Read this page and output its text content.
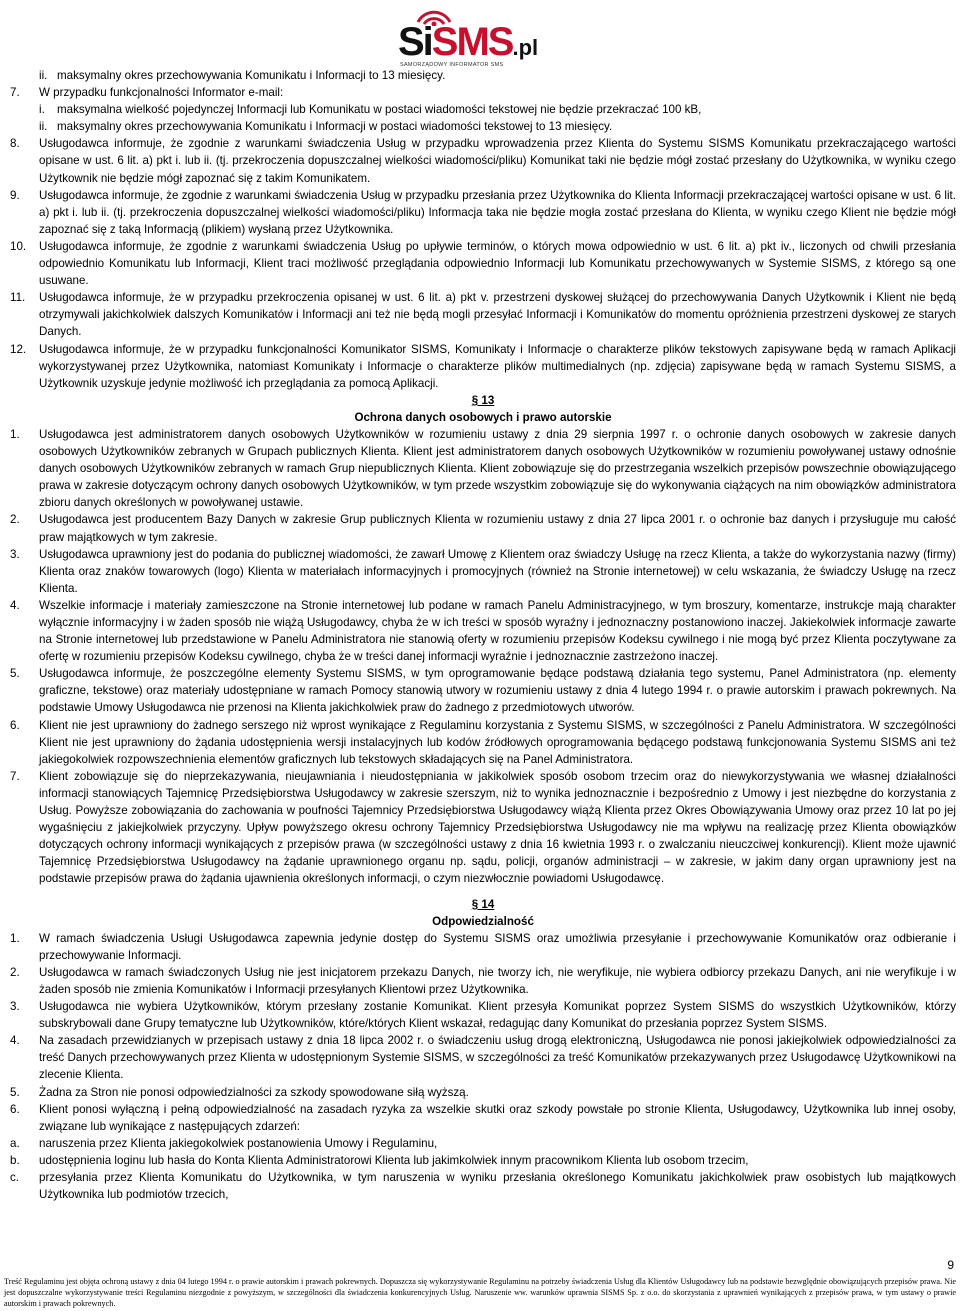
SiSMS.pl
SAMORZĄDOWY INFORMATOR SMS
ii. maksymalny okres przechowywania Komunikatu i Informacji to 13 miesięcy.
7.	W przypadku funkcjonalności Informator e-mail:
i.	maksymalna wielkość pojedynczej Informacji lub Komunikatu w postaci wiadomości tekstowej nie będzie przekraczać 100 kB,
ii. maksymalny okres przechowywania Komunikatu i Informacji w postaci wiadomości tekstowej to 13 miesięcy.
8.	Usługodawca informuje, że zgodnie z warunkami świadczenia Usług w przypadku wprowadzenia przez Klienta do Systemu SISMS Komunikatu przekraczającego wartości opisane w ust. 6 lit. a) pkt i. lub ii. (tj. przekroczenia dopuszczalnej wielkości wiadomości/pliku) Komunikat taki nie będzie mógł zostać przesłany do Użytkownika, w wyniku czego Użytkownik nie będzie mógł zapoznać się z takim Komunikatem.
9.	Usługodawca informuje, że zgodnie z warunkami świadczenia Usług w przypadku przesłania przez Użytkownika do Klienta Informacji przekraczającej wartości opisane w ust. 6 lit. a) pkt i. lub ii. (tj. przekroczenia dopuszczalnej wielkości wiadomości/pliku) Informacja taka nie będzie mogła zostać przesłana do Klienta, w wyniku czego Klient nie będzie mógł zapoznać się z taką Informacją (plikiem) wysłaną przez Użytkownika.
10.	Usługodawca informuje, że zgodnie z warunkami świadczenia Usług po upływie terminów, o których mowa odpowiednio w ust. 6 lit. a) pkt iv., liczonych od chwili przesłania odpowiednio Komunikatu lub Informacji, Klient traci możliwość przeglądania odpowiednio Informacji lub Komunikatu przechowywanych w Systemie SISMS, z którego są one usuwane.
11.	Usługodawca informuje, że w przypadku przekroczenia opisanej w ust. 6 lit. a) pkt v. przestrzeni dyskowej służącej do przechowywania Danych Użytkownik i Klient nie będą otrzymywali jakichkolwiek dalszych Komunikatów i Informacji ani też nie będą mogli przesyłać Informacji i Komunikatów do momentu opróżnienia przestrzeni dyskowej ze starych Danych.
12.	Usługodawca informuje, że w przypadku funkcjonalności Komunikator SISMS, Komunikaty i Informacje o charakterze plików tekstowych zapisywane będą w ramach Aplikacji wykorzystywanej przez Użytkownika, natomiast Komunikaty i Informacje o charakterze plików multimedialnych (np. zdjęcia) zapisywane będą w ramach Systemu SISMS, a Użytkownik uzyskuje jedynie możliwość ich przeglądania za pomocą Aplikacji.
§ 13
Ochrona danych osobowych i prawo autorskie
1.	Usługodawca jest administratorem danych osobowych Użytkowników w rozumieniu ustawy z dnia 29 sierpnia 1997 r. o ochronie danych osobowych w zakresie danych osobowych Użytkowników zebranych w Grupach publicznych Klienta. Klient jest administratorem danych osobowych Użytkowników w rozumieniu powoływanej ustawy odnośnie danych osobowych Użytkowników zebranych w ramach Grup niepublicznych Klienta. Klient zobowiązuje się do przestrzegania wszelkich przepisów powszechnie obowiązującego prawa w zakresie dotyczącym ochrony danych osobowych Użytkowników, w tym przede wszystkim zobowiązuje się do wykonywania ciążących na nim obowiązków administratora zbioru danych określonych w powoływanej ustawie.
2.	Usługodawca jest producentem Bazy Danych w zakresie Grup publicznych Klienta w rozumieniu ustawy z dnia 27 lipca 2001 r. o ochronie baz danych i przysługuje mu całość praw majątkowych w tym zakresie.
3.	Usługodawca uprawniony jest do podania do publicznej wiadomości, że zawarł Umowę z Klientem oraz świadczy Usługę na rzecz Klienta, a także do wykorzystania nazwy (firmy) Klienta oraz znaków towarowych (logo) Klienta w materiałach informacyjnych i promocyjnych (również na Stronie internetowej) w celu wskazania, że świadczy Usługę na rzecz Klienta.
4.	Wszelkie informacje i materiały zamieszczone na Stronie internetowej lub podane w ramach Panelu Administracyjnego, w tym broszury, komentarze, instrukcje mają charakter wyłącznie informacyjny i w żaden sposób nie wiążą Usługodawcy, chyba że w ich treści w sposób wyraźny i jednoznaczny postanowiono inaczej. Jakiekolwiek informacje zawarte na Stronie internetowej lub przedstawione w Panelu Administratora nie stanowią oferty w rozumieniu przepisów Kodeksu cywilnego i nie mogą być przez Klienta poczytywane za ofertę w rozumieniu przepisów Kodeksu cywilnego, chyba że w treści danej informacji wyraźnie i jednoznacznie zastrzeżono inaczej.
5.	Usługodawca informuje, że poszczególne elementy Systemu SISMS, w tym oprogramowanie będące podstawą działania tego systemu, Panel Administratora (np. elementy graficzne, tekstowe) oraz materiały udostępniane w ramach Pomocy stanowią utwory w rozumieniu ustawy z dnia 4 lutego 1994 r. o prawie autorskim i prawach pokrewnych. Na podstawie Umowy Usługodawca nie przenosi na Klienta jakichkolwiek praw do żadnego z przedmiotowych utworów.
6.	Klient nie jest uprawniony do żadnego serszego niż wprost wynikające z Regulaminu korzystania z Systemu SISMS, w szczególności z Panelu Administratora. W szczególności Klient nie jest uprawniony do żądania udostępnienia wersji instalacyjnych lub kodów źródłowych oprogramowania będącego podstawą funkcjonowania Systemu SISMS ani też jakiegokolwiek rozpowszechnienia elementów graficznych lub tekstowych składających się na Panel Administratora.
7.	Klient zobowiązuje się do nieprzekazywania, nieujawniania i nieudostępniania w jakikolwiek sposób osobom trzecim oraz do niewykorzystywania we własnej działalności informacji stanowiących Tajemnicę Przedsiębiorstwa Usługodawcy w zakresie szerszym, niż to wynika jednoznacznie i bezpośrednio z Umowy i jest niezbędne do korzystania z Usług. Powyższe zobowiązania do zachowania w poufności Tajemnicy Przedsiębiorstwa Usługodawcy wiążą Klienta przez Okres Obowiązywania Umowy oraz przez 10 lat po jej wygaśnięciu z jakiejkolwiek przyczyny. Upływ powyższego okresu ochrony Tajemnicy Przedsiębiorstwa Usługodawcy nie ma wpływu na realizację przez Klienta obowiązków dotyczących ochrony informacji wynikających z przepisów prawa (w szczególności ustawy z dnia 16 kwietnia 1993 r. o zwalczaniu nieuczciwej konkurencji). Klient może ujawnić Tajemnicę Przedsiębiorstwa Usługodawcy na żądanie uprawnionego organu np. sądu, policji, organów administracji – w zakresie, w jakim dany organ uprawniony jest na podstawie przepisów prawa do żądania ujawnienia określonych informacji, o czym niezwłocznie powiadomi Usługodawcę.
§ 14
Odpowiedzialność
1.	W ramach świadczenia Usługi Usługodawca zapewnia jedynie dostęp do Systemu SISMS oraz umożliwia przesyłanie i przechowywanie Komunikatów oraz odbieranie i przechowywanie Informacji.
2.	Usługodawca w ramach świadczonych Usług nie jest inicjatorem przekazu Danych, nie tworzy ich, nie weryfikuje, nie wybiera odbiorcy przekazu Danych, ani nie weryfikuje i w żaden sposób nie zmienia Komunikatów i Informacji przesyłanych Klientowi przez Użytkownika.
3.	Usługodawca nie wybiera Użytkowników, którym przesłany zostanie Komunikat. Klient przesyła Komunikat poprzez System SISMS do wszystkich Użytkowników, którzy subskrybowali dane Grupy tematyczne lub Użytkowników, które/których Klient wskazał, redagując dany Komunikat do przesłania poprzez System SISMS.
4.	Na zasadach przewidzianych w przepisach ustawy z dnia 18 lipca 2002 r. o świadczeniu usług drogą elektroniczną, Usługodawca nie ponosi jakiejkolwiek odpowiedzialności za treść Danych przechowywanych przez Klienta w udostępnionym Systemie SISMS, w szczególności za treść Komunikatów przekazywanych przez Usługodawcę Użytkownikowi na zlecenie Klienta.
5.	Żadna za Stron nie ponosi odpowiedzialności za szkody spowodowane siłą wyższą.
6.	Klient ponosi wyłączną i pełną odpowiedzialność na zasadach ryzyka za wszelkie skutki oraz szkody powstałe po stronie Klienta, Usługodawcy, Użytkownika lub innej osoby, związane lub wynikające z następujących zdarzeń:
a.	naruszenia przez Klienta jakiegokolwiek postanowienia Umowy i Regulaminu,
b.	udostępnienia loginu lub hasła do Konta Klienta Administratorowi Klienta lub jakimkolwiek innym pracownikom Klienta lub osobom trzecim,
c.	przesyłania przez Klienta Komunikatu do Użytkownika, w tym naruszenia w wyniku przesłania określonego Komunikatu jakichkolwiek praw osobistych lub majątkowych Użytkownika lub podmiotów trzecich,
9
Treść Regulaminu jest objęta ochroną ustawy z dnia 04 lutego 1994 r. o prawie autorskim i prawach pokrewnych. Dopuszcza się wykorzystywanie Regulaminu na potrzeby świadczenia Usług dla Klientów Usługodawcy lub na podstawie bezwględnie obowiązujących przepisów prawa. Nie jest dopuszczalne wykorzystywanie treści Regulaminu niezgodnie z powyższym, w szczególności dla świadczenia konkurencyjnych Usług. Naruszenie ww. warunków uprawnia SISMS Sp. z o.o. do skorzystania z uprawnień wynikających z przepisów prawa, w tym ustawy o prawie autorskim i prawach pokrewnych.
